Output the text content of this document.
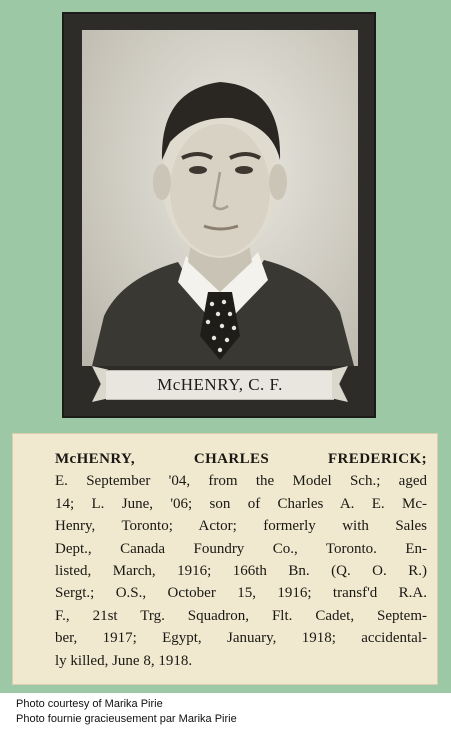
McHENRY, C. F.

McHENRY, CHARLES FREDERICK;
E. September '04, from the Model Sch.; aged
14; L. June, '06; son of Charles A. E. Mc-
Henry, Toronto; Actor; formerly with Sales
Dept., Canada Foundry Co., Toronto. En-
listed, March, 1916; 166th Bn. (Q. O. R.)
Sergt.; O.S., October 15, 1916; transf'd R.A.
F., 21st Trg. Squadron, Flt. Cadet, Septem-
ber, 1917; Egypt, January, 1918; accidental-
ly killed, June 8, 1918.

Photo courtesy of Marika Pirie
Photo fournie gracieusement par Marika Pirie
